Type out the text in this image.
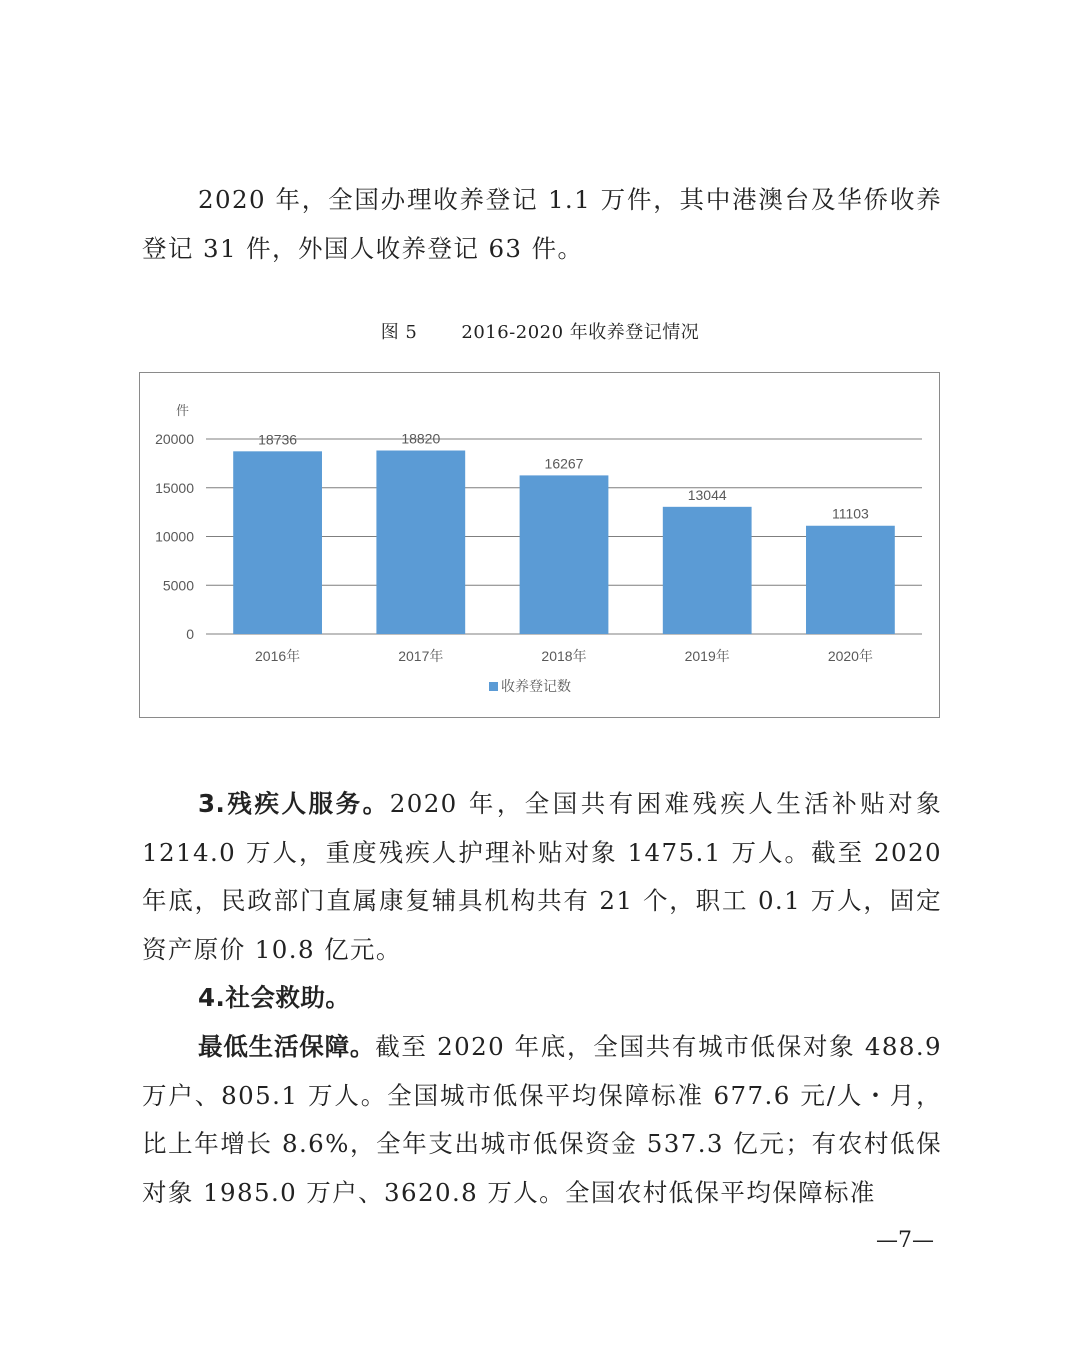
2020 年，全国办理收养登记 1.1 万件，其中港澳台及华侨收养登记 31 件，外国人收养登记 63 件。

图 5 2016-2020 年收养登记情况
件
0
5000
10000
15000
20000	18736
2016年
18820
2017年
16267
2018年
13044
2019年
11103
2020年
收养登记数

3.残疾人服务。2020 年，全国共有困难残疾人生活补贴对象 1214.0 万人，重度残疾人护理补贴对象 1475.1 万人。截至 2020 年底，民政部门直属康复辅具机构共有 21 个，职工 0.1 万人，固定资产原价 10.8 亿元。

4.社会救助。

最低生活保障。截至 2020 年底，全国共有城市低保对象 488.9 万户、805.1 万人。全国城市低保平均保障标准 677.6 元/人・月，比上年增长 8.6%，全年支出城市低保资金 537.3 亿元；有农村低保对象 1985.0 万户、3620.8 万人。全国农村低保平均保障标准

—7—
